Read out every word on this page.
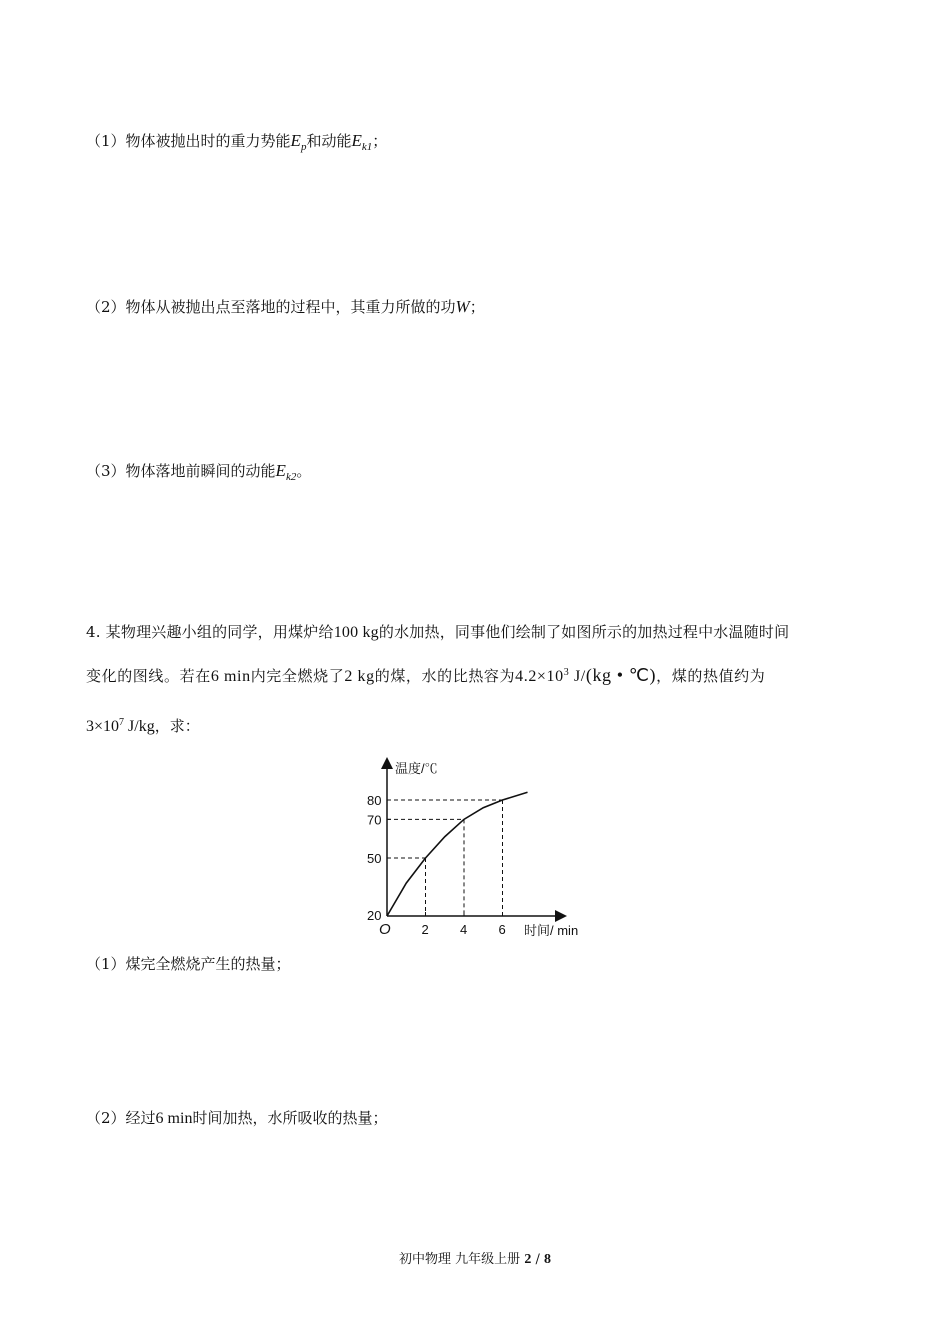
（1）物体被抛出时的重力势能$E_p$和动能$E_{k1}$；
（2）物体从被抛出点至落地的过程中，其重力所做的功W；
（3）物体落地前瞬间的动能$E_{k2}$。
4. 某物理兴趣小组的同学，用煤炉给100 kg的水加热，同事他们绘制了如图所示的加热过程中水温随时间
变化的图线。若在6 min内完全燃烧了2 kg的煤，水的比热容为$4.2\times 10^3$ J/(kg • ℃)，煤的热值约为
$3\times 10^7$ J/kg，求：
2 4 6
20
50
70
80
温度/℃
时间/ min
O
（1）煤完全燃烧产生的热量；
（2）经过6 min时间加热，水所吸收的热量；
初中物理 九年级上册 2 / 8
